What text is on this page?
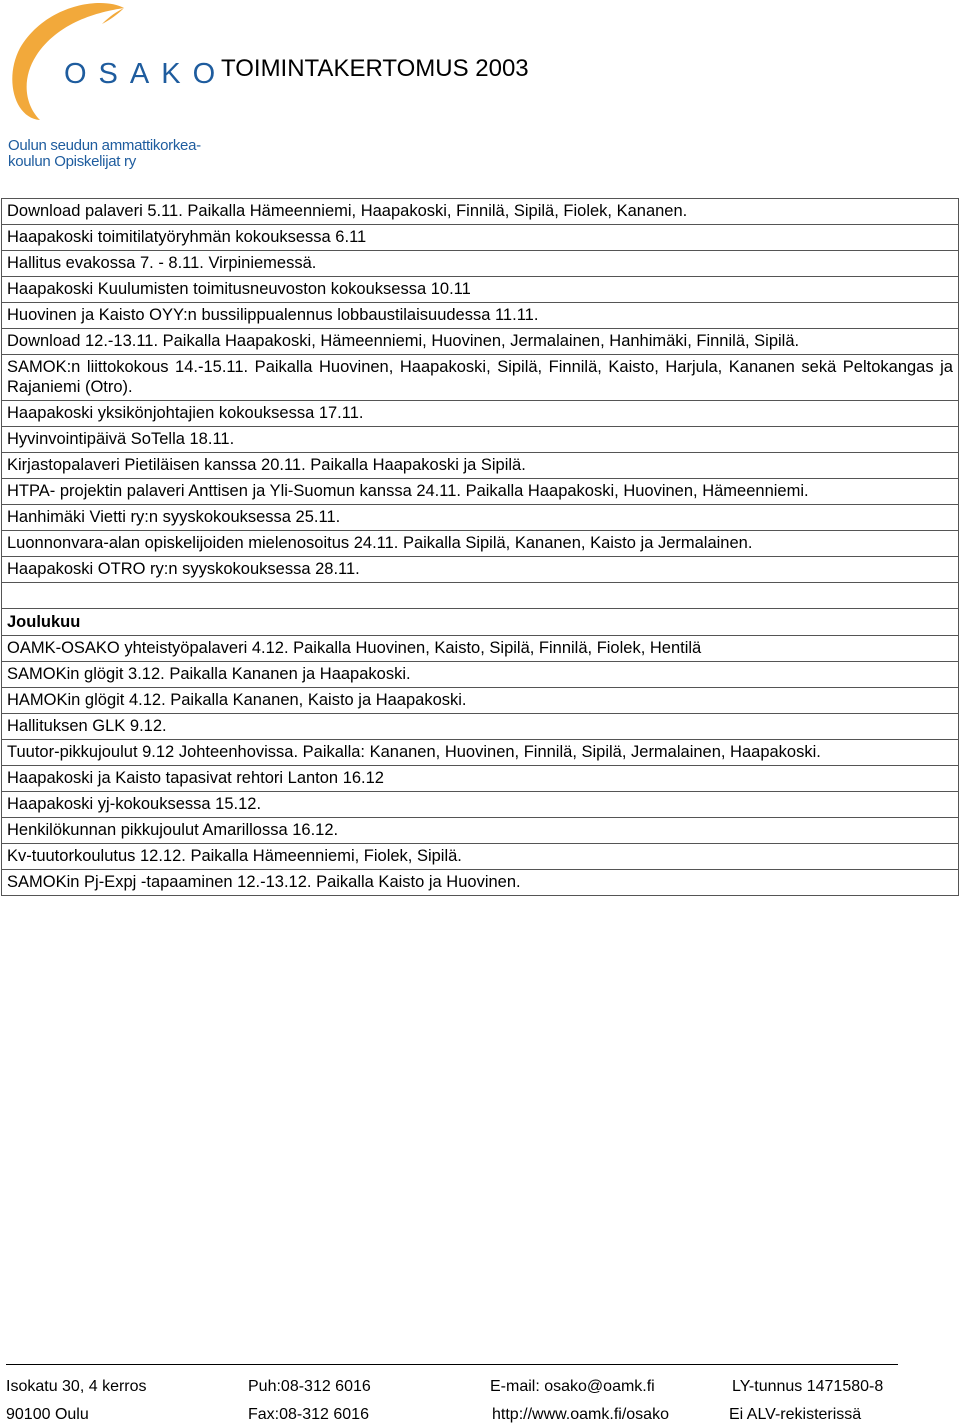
OSAKO
Oulun seudun ammattikorkea-
koulun Opiskelijat ry
TOIMINTAKERTOMUS 2003
Download palaveri 5.11. Paikalla Hämeenniemi, Haapakoski, Finnilä, Sipilä, Fiolek, Kananen.
Haapakoski toimitilatyöryhmän kokouksessa 6.11
Hallitus evakossa 7. - 8.11. Virpiniemessä.
Haapakoski Kuulumisten toimitusneuvoston kokouksessa 10.11
Huovinen ja Kaisto OYY:n bussilippualennus lobbaustilaisuudessa 11.11.
Download 12.-13.11. Paikalla Haapakoski, Hämeenniemi, Huovinen, Jermalainen, Hanhimäki, Finnilä, Sipilä.
SAMOK:n liittokokous 14.-15.11. Paikalla Huovinen, Haapakoski, Sipilä, Finnilä, Kaisto, Harjula, Kananen sekä Peltokangas ja Rajaniemi (Otro).
Haapakoski yksikönjohtajien kokouksessa 17.11.
Hyvinvointipäivä SoTella 18.11.
Kirjastopalaveri Pietiläisen kanssa 20.11. Paikalla Haapakoski ja Sipilä.
HTPA- projektin palaveri Anttisen ja Yli-Suomun kanssa 24.11. Paikalla Haapakoski, Huovinen, Hämeenniemi.
Hanhimäki Vietti ry:n syyskokouksessa 25.11.
Luonnonvara-alan opiskelijoiden mielenosoitus 24.11. Paikalla Sipilä, Kananen, Kaisto ja Jermalainen.
Haapakoski OTRO ry:n syyskokouksessa 28.11.

Joulukuu
OAMK-OSAKO yhteistyöpalaveri 4.12. Paikalla Huovinen, Kaisto, Sipilä, Finnilä, Fiolek, Hentilä
SAMOKin glögit 3.12. Paikalla Kananen ja Haapakoski.
HAMOKin glögit 4.12. Paikalla Kananen, Kaisto ja Haapakoski.
Hallituksen GLK 9.12.
Tuutor-pikkujoulut 9.12 Johteenhovissa. Paikalla: Kananen, Huovinen, Finnilä, Sipilä, Jermalainen, Haapakoski.
Haapakoski ja Kaisto tapasivat rehtori Lanton 16.12
Haapakoski yj-kokouksessa 15.12.
Henkilökunnan pikkujoulut Amarillossa 16.12.
Kv-tuutorkoulutus 12.12. Paikalla Hämeenniemi, Fiolek, Sipilä.
SAMOKin Pj-Expj -tapaaminen 12.-13.12. Paikalla Kaisto ja Huovinen.
Isokatu 30, 4 kerros
90100 Oulu
Puh:08-312 6016
Fax:08-312 6016
E-mail: osako@oamk.fi
http://www.oamk.fi/osako
LY-tunnus 1471580-8
Ei ALV-rekisterissä
